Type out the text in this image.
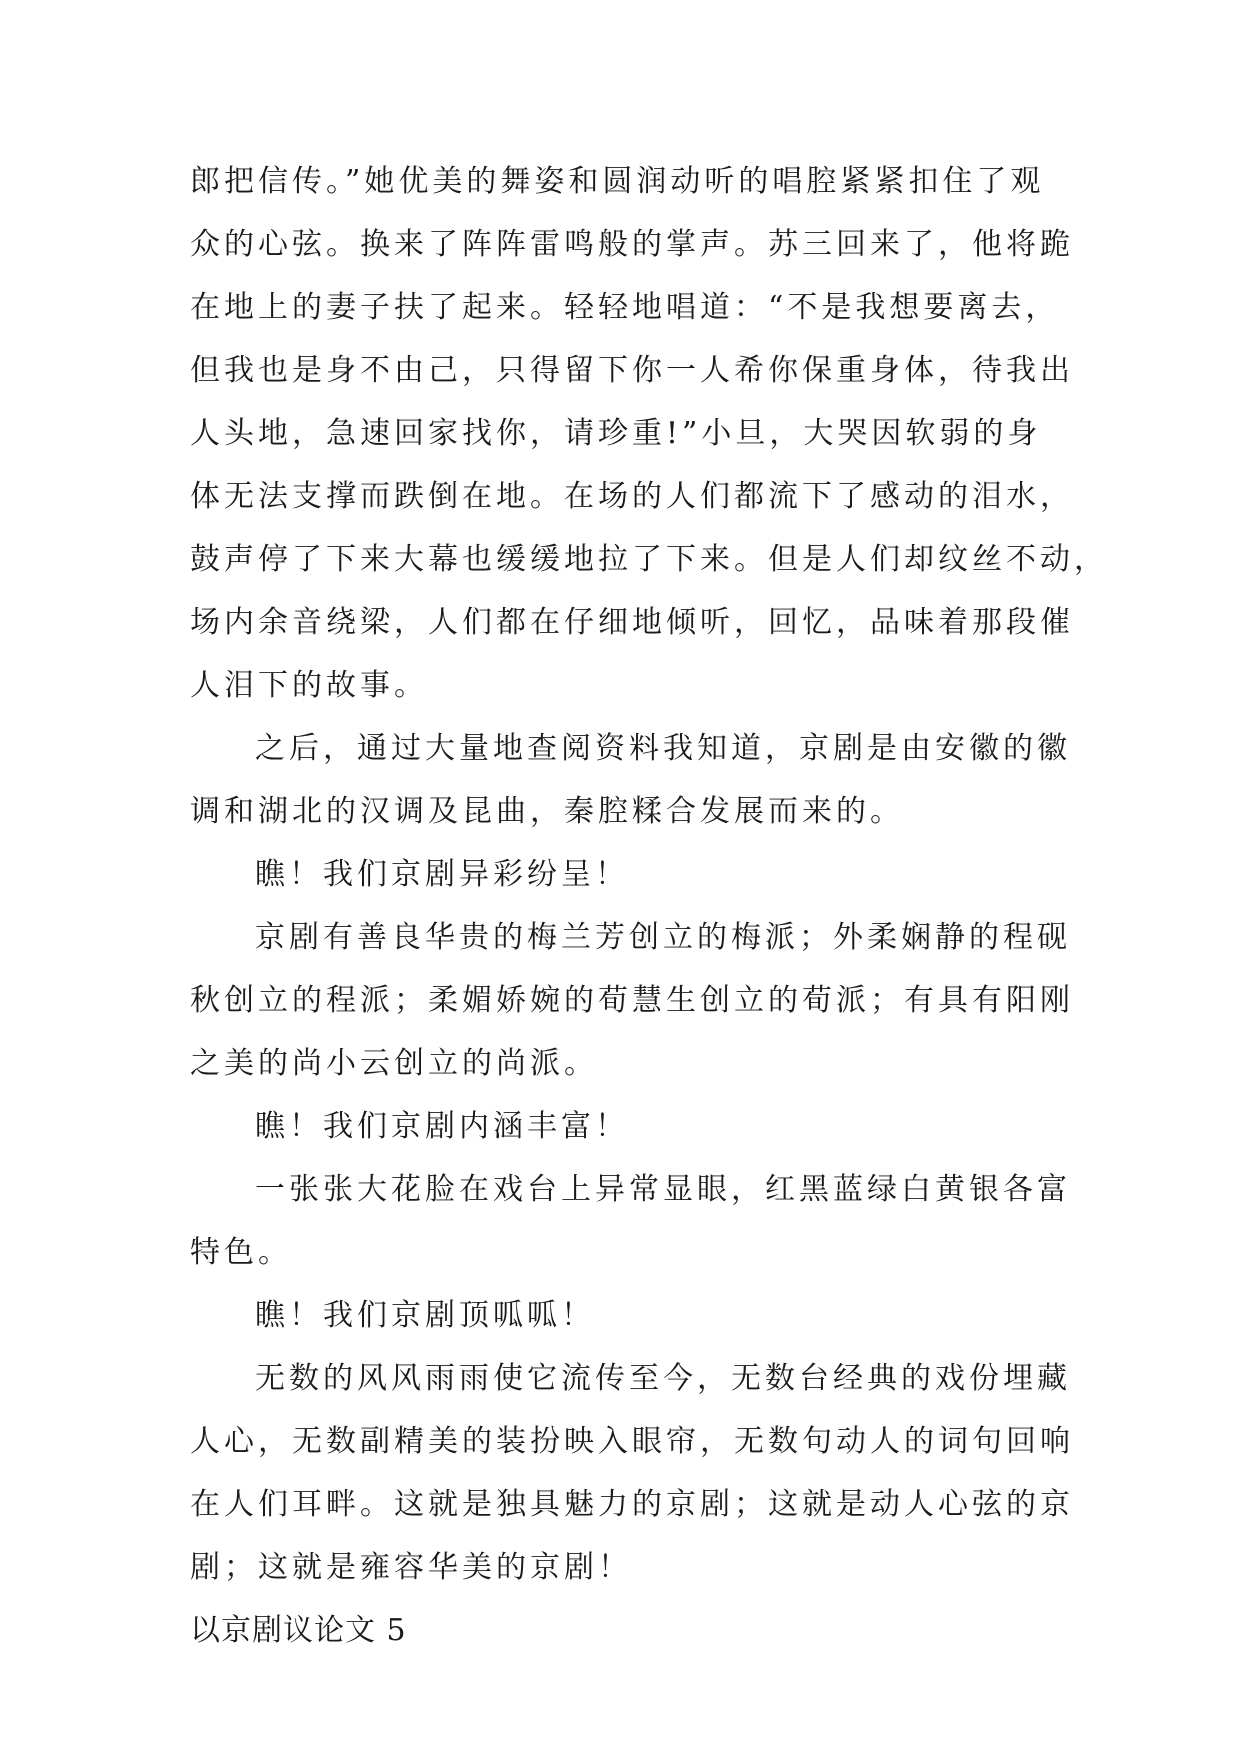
郎把信传。”她优美的舞姿和圆润动听的唱腔紧紧扣住了观
众的心弦。换来了阵阵雷鸣般的掌声。苏三回来了，他将跪
在地上的妻子扶了起来。轻轻地唱道：“不是我想要离去，
但我也是身不由己，只得留下你一人希你保重身体，待我出
人头地，急速回家找你，请珍重!”小旦，大哭因软弱的身
体无法支撑而跌倒在地。在场的人们都流下了感动的泪水，
鼓声停了下来大幕也缓缓地拉了下来。但是人们却纹丝不动，
场内余音绕梁，人们都在仔细地倾听，回忆，品味着那段催
人泪下的故事。
之后，通过大量地查阅资料我知道，京剧是由安徽的徽
调和湖北的汉调及昆曲，秦腔糅合发展而来的。
瞧！我们京剧异彩纷呈！
京剧有善良华贵的梅兰芳创立的梅派；外柔娴静的程砚
秋创立的程派；柔媚娇婉的荀慧生创立的荀派；有具有阳刚
之美的尚小云创立的尚派。
瞧！我们京剧内涵丰富！
一张张大花脸在戏台上异常显眼，红黑蓝绿白黄银各富
特色。
瞧！我们京剧顶呱呱！
无数的风风雨雨使它流传至今，无数台经典的戏份埋藏
人心，无数副精美的装扮映入眼帘，无数句动人的词句回响
在人们耳畔。这就是独具魅力的京剧；这就是动人心弦的京
剧；这就是雍容华美的京剧！
以京剧议论文 5
